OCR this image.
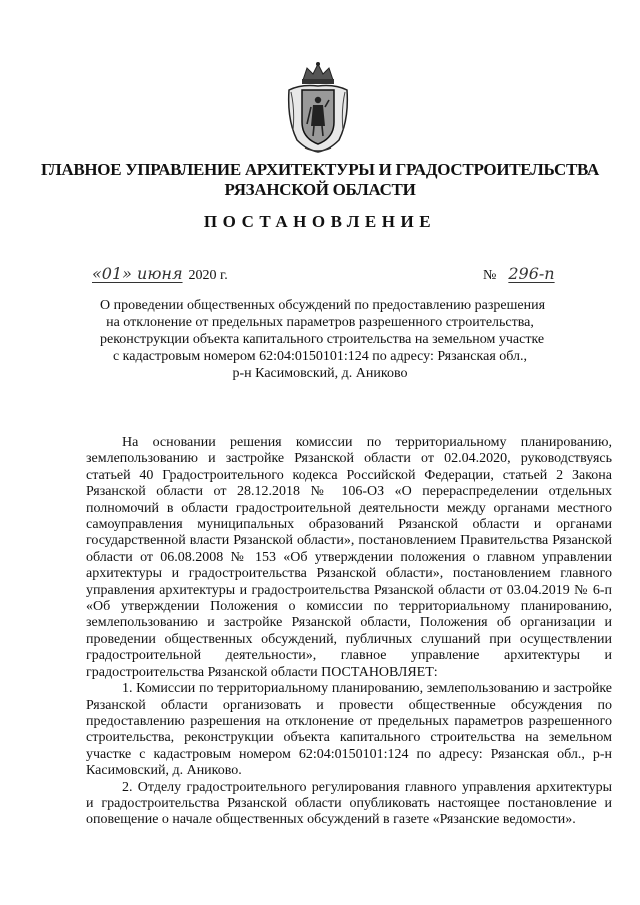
ГЛАВНОЕ УПРАВЛЕНИЕ АРХИТЕКТУРЫ И ГРАДОСТРОИТЕЛЬСТВА
РЯЗАНСКОЙ ОБЛАСТИ
ПОСТАНОВЛЕНИЕ
«01» июня 2020 г.	№ 296-п
О проведении общественных обсуждений по предоставлению разрешения
на отклонение от предельных параметров разрешенного строительства,
реконструкции объекта капитального строительства на земельном участке
с кадастровым номером 62:04:0150101:124 по адресу: Рязанская обл.,
р-н Касимовский, д. Аниково
На основании решения комиссии по территориальному планированию, землепользованию и застройке Рязанской области от 02.04.2020, руководствуясь статьей 40 Градостроительного кодекса Российской Федерации, статьей 2 Закона Рязанской области от 28.12.2018 № 106-ОЗ «О перераспределении отдельных полномочий в области градостроительной деятельности между органами местного самоуправления муниципальных образований Рязанской области и органами государственной власти Рязанской области», постановлением Правительства Рязанской области от 06.08.2008 № 153 «Об утверждении положения о главном управлении архитектуры и градостроительства Рязанской области», постановлением главного управления архитектуры и градостроительства Рязанской области от 03.04.2019 № 6-п «Об утверждении Положения о комиссии по территориальному планированию, землепользованию и застройке Рязанской области, Положения об организации и проведении общественных обсуждений, публичных слушаний при осуществлении градостроительной деятельности», главное управление архитектуры и градостроительства Рязанской области ПОСТАНОВЛЯЕТ:
1. Комиссии по территориальному планированию, землепользованию и застройке Рязанской области организовать и провести общественные обсуждения по предоставлению разрешения на отклонение от предельных параметров разрешенного строительства, реконструкции объекта капитального строительства на земельном участке с кадастровым номером 62:04:0150101:124 по адресу: Рязанская обл., р-н Касимовский, д. Аниково.
2. Отделу градостроительного регулирования главного управления архитектуры и градостроительства Рязанской области опубликовать настоящее постановление и оповещение о начале общественных обсуждений в газете «Рязанские ведомости».
